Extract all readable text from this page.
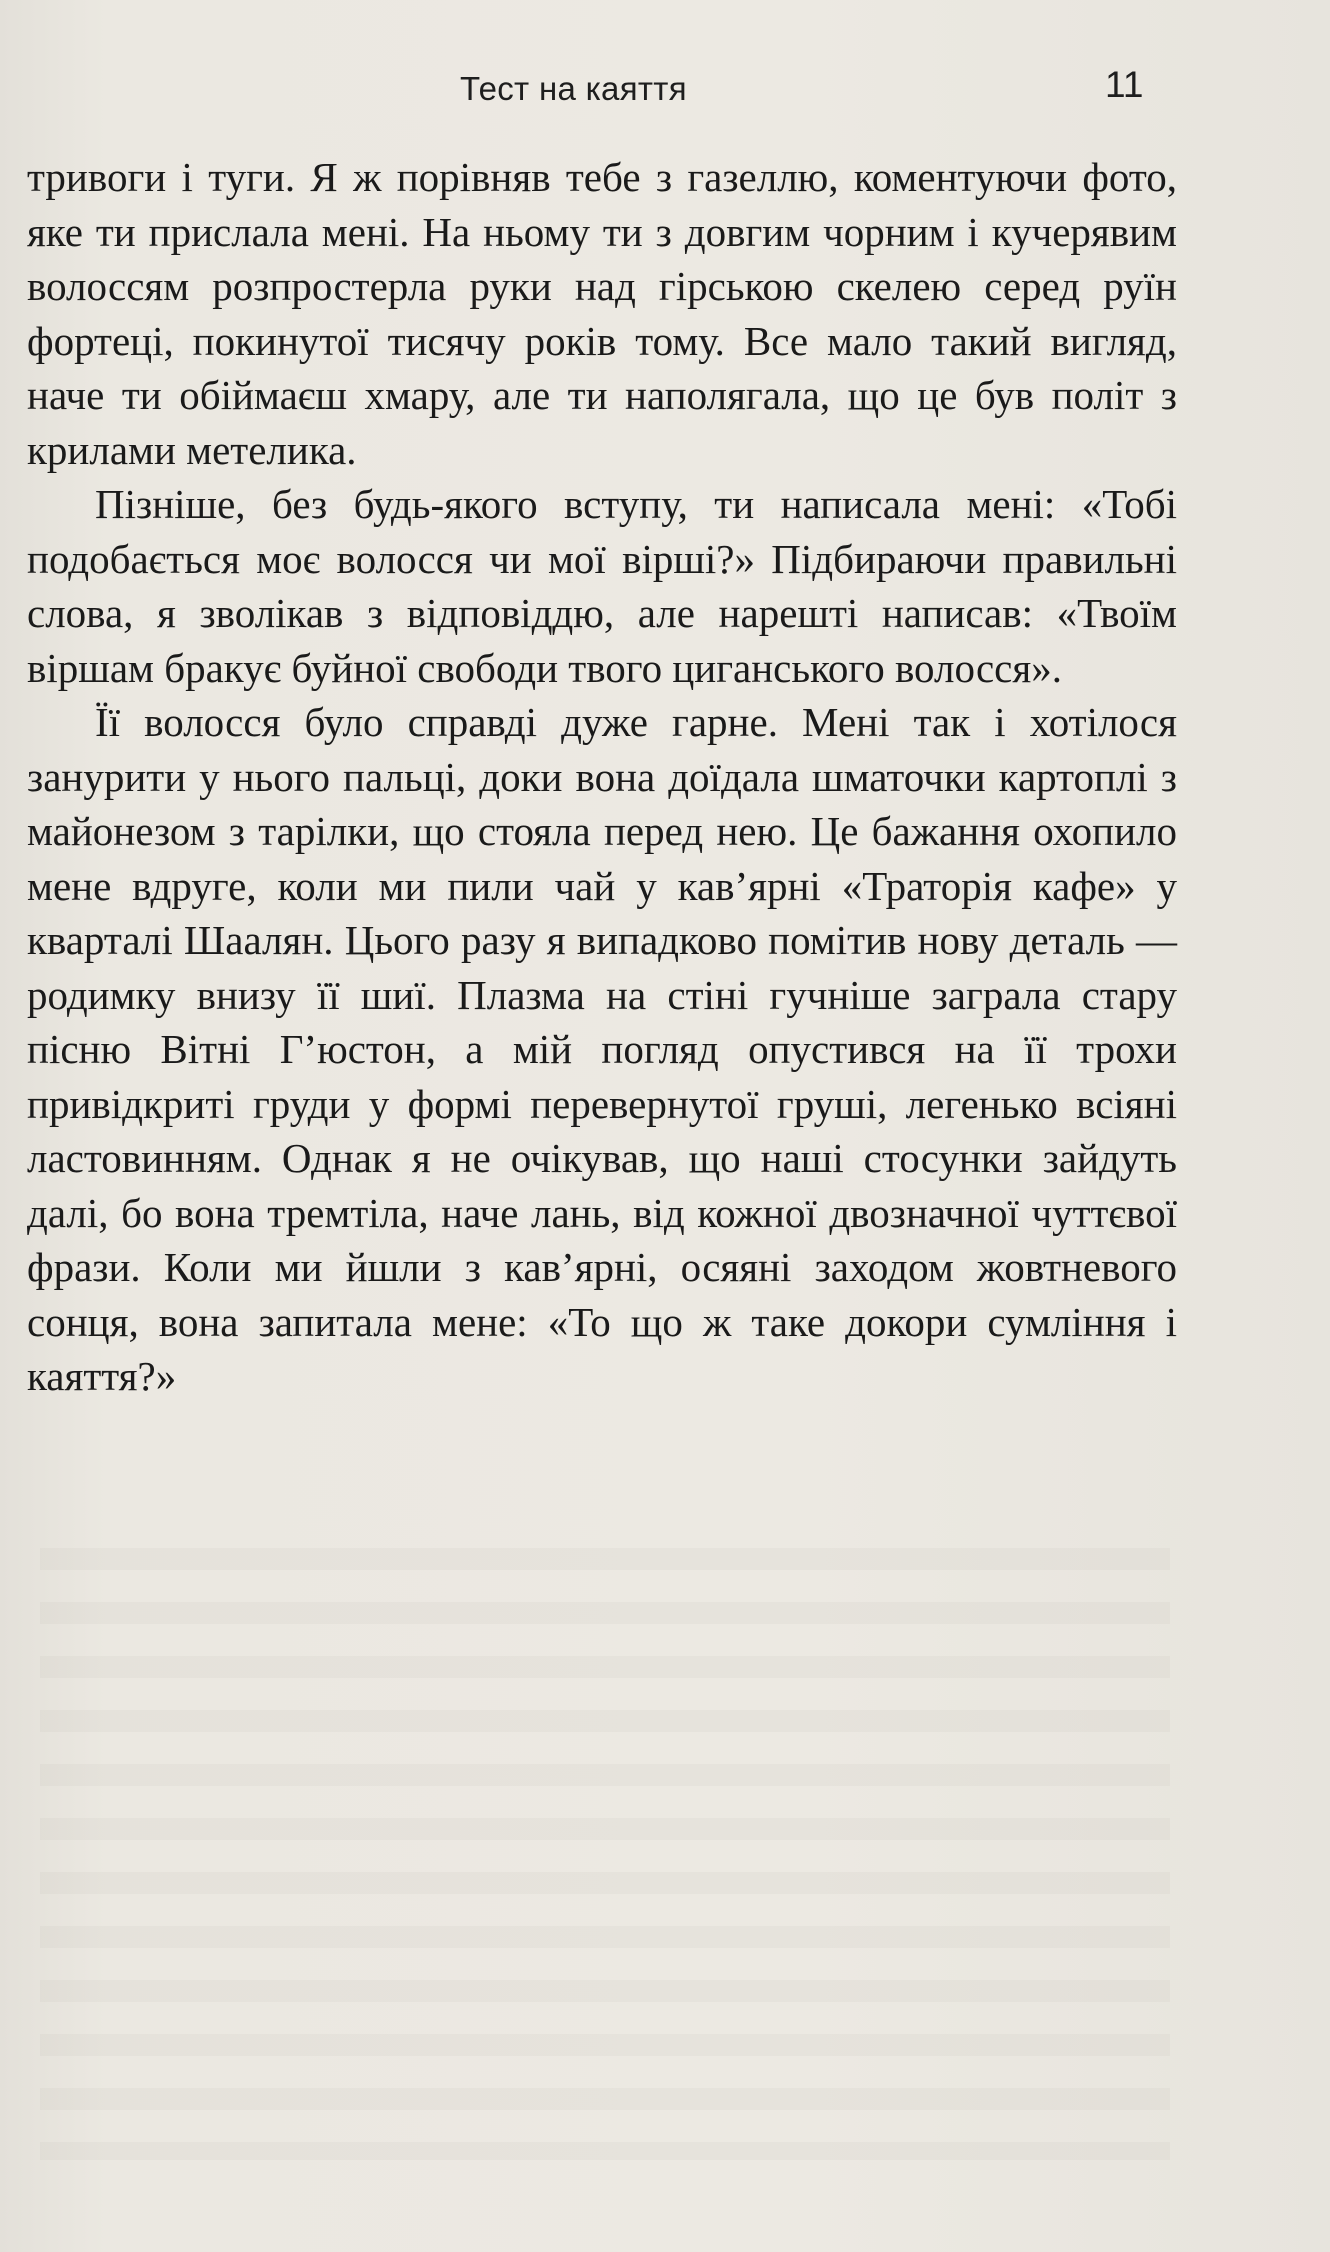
Тест на каяття	11

тривоги і туги. Я ж порівняв тебе з газеллю, коментуючи фото, яке ти прислала мені. На ньому ти з довгим чорним і кучерявим волоссям розпростерла руки над гірською скелею серед руїн фортеці, покинутої тисячу років тому. Все мало такий вигляд, наче ти обіймаєш хмару, але ти наполягала, що це був політ з крилами метелика.

Пізніше, без будь-якого вступу, ти написала мені: «Тобі подобається моє волосся чи мої вірші?» Підбираючи правильні слова, я зволікав з відповіддю, але нарешті написав: «Твоїм віршам бракує буйної свободи твого циганського волосся».

Її волосся було справді дуже гарне. Мені так і хотілося занурити у нього пальці, доки вона доїдала шматочки картоплі з майонезом з тарілки, що стояла перед нею. Це бажання охопило мене вдруге, коли ми пили чай у кав’ярні «Траторія кафе» у кварталі Шаалян. Цього разу я випадково помітив нову деталь — родимку внизу її шиї. Плазма на стіні гучніше заграла стару пісню Вітні Г’юстон, а мій погляд опустився на її трохи привідкриті груди у формі перевернутої груші, легенько всіяні ластовинням. Однак я не очікував, що наші стосунки зайдуть далі, бо вона тремтіла, наче лань, від кожної двозначної чуттєвої фрази. Коли ми йшли з кав’ярні, осяяні заходом жовтневого сонця, вона запитала мене: «То що ж таке докори сумління і каяття?»
